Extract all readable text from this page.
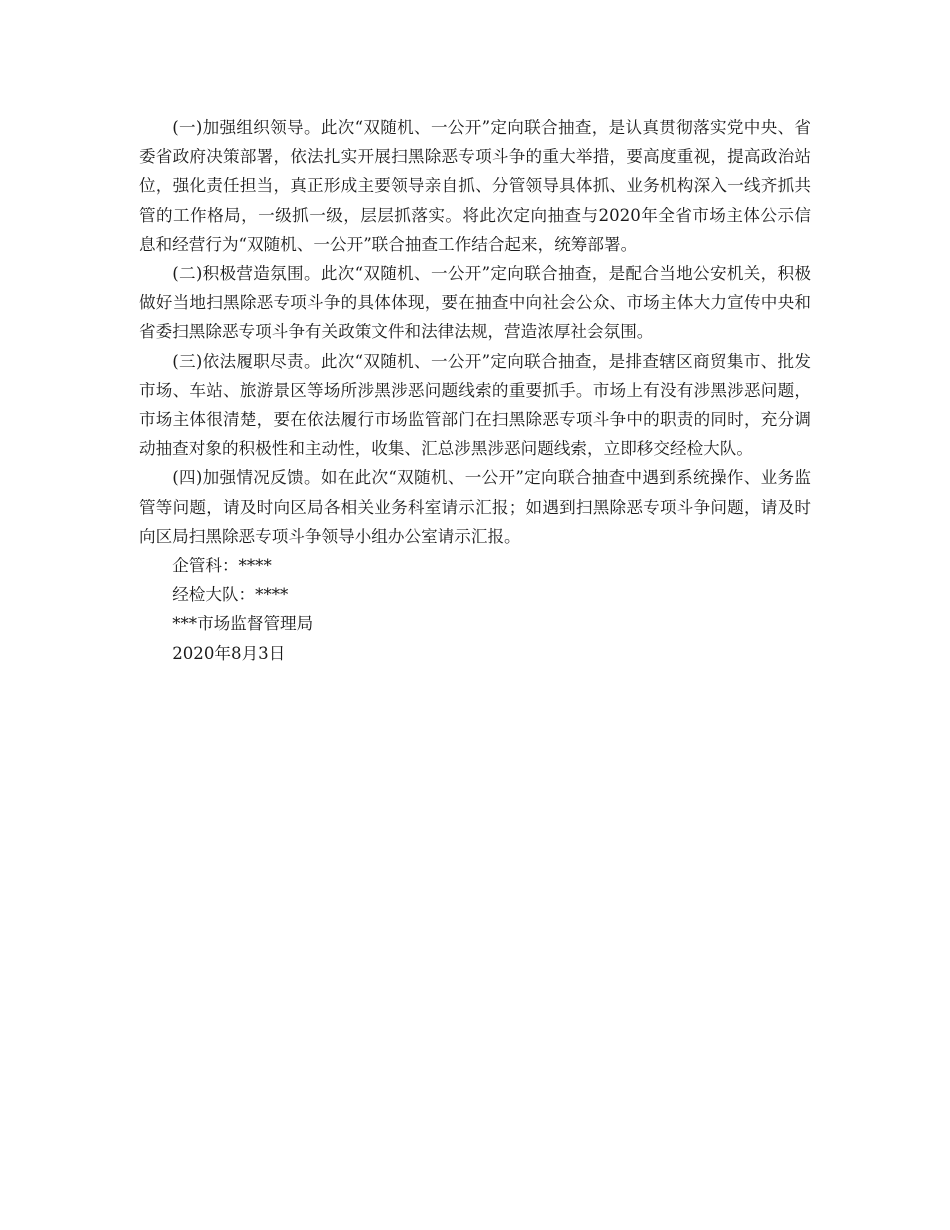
(一)加强组织领导。此次“双随机、一公开”定向联合抽查，是认真贯彻落实党中央、省委省政府决策部署，依法扎实开展扫黑除恶专项斗争的重大举措，要高度重视，提高政治站位，强化责任担当，真正形成主要领导亲自抓、分管领导具体抓、业务机构深入一线齐抓共管的工作格局，一级抓一级，层层抓落实。将此次定向抽查与2020年全省市场主体公示信息和经营行为“双随机、一公开”联合抽查工作结合起来，统筹部署。

(二)积极营造氛围。此次“双随机、一公开”定向联合抽查，是配合当地公安机关，积极做好当地扫黑除恶专项斗争的具体体现，要在抽查中向社会公众、市场主体大力宣传中央和省委扫黑除恶专项斗争有关政策文件和法律法规，营造浓厚社会氛围。

(三)依法履职尽责。此次“双随机、一公开”定向联合抽查，是排查辖区商贸集市、批发市场、车站、旅游景区等场所涉黑涉恶问题线索的重要抓手。市场上有没有涉黑涉恶问题，市场主体很清楚，要在依法履行市场监管部门在扫黑除恶专项斗争中的职责的同时，充分调动抽查对象的积极性和主动性，收集、汇总涉黑涉恶问题线索，立即移交经检大队。

(四)加强情况反馈。如在此次“双随机、一公开”定向联合抽查中遇到系统操作、业务监管等问题，请及时向区局各相关业务科室请示汇报；如遇到扫黑除恶专项斗争问题，请及时向区局扫黑除恶专项斗争领导小组办公室请示汇报。

企管科：****

经检大队：****

***市场监督管理局

2020年8月3日
